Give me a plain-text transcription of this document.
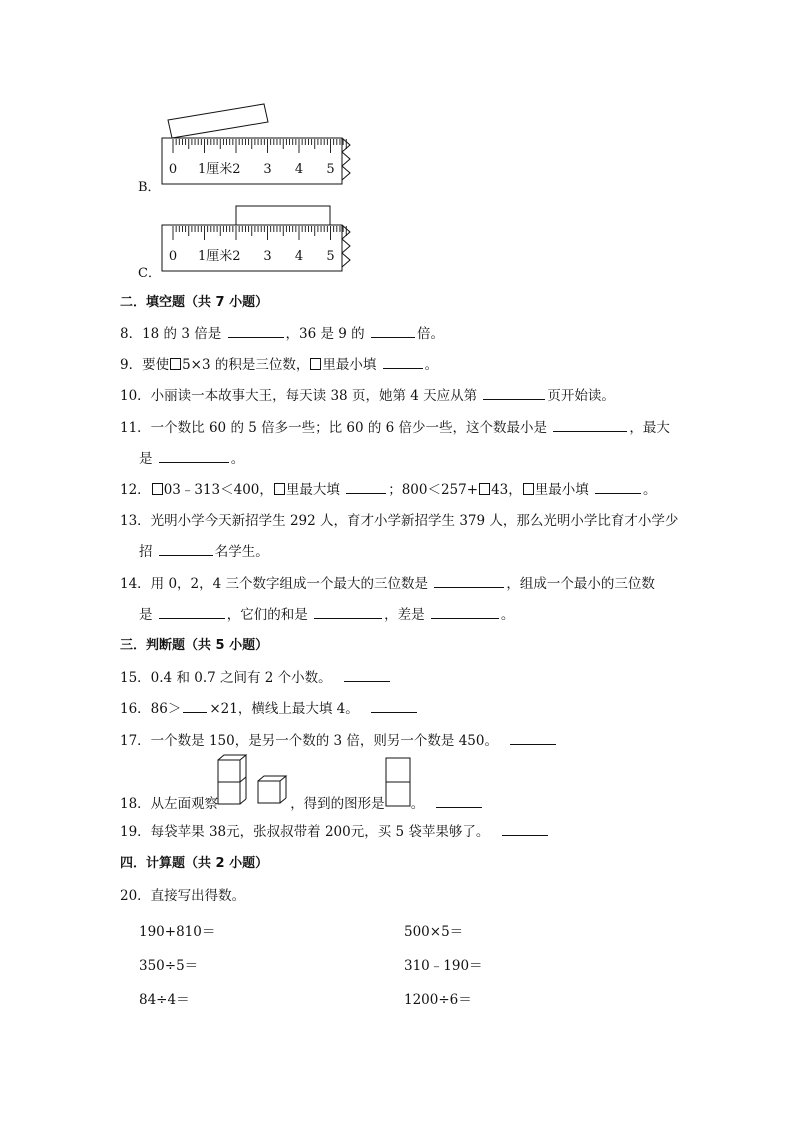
B．
0 1厘米2 3 4 5
C．
0 1厘米2 3 4 5
二．填空题（共 7 小题）
8．18 的 3 倍是	，36 是 9 的	倍。
9．要使 5×3 的积是三位数， 里最小填	。
10．小丽读一本故事大王，每天读 38 页，她第 4 天应从第	页开始读。
11．一个数比 60 的 5 倍多一些；比 60 的 6 倍少一些，这个数最小是	，最大
是	。
12． 03﹣313＜400， 里最大填	；800＜257+ 43， 里最小填	。
13．光明小学今天新招学生 292 人，育才小学新招学生 379 人，那么光明小学比育才小学少
招	名学生。
14．用 0，2，4 三个数字组成一个最大的三位数是	，组成一个最小的三位数
是	，它们的和是	，差是	。
三．判断题（共 5 小题）
15．0.4 和 0.7 之间有 2 个小数。
16．86＞ ×21，横线上最大填 4。
17．一个数是 150，是另一个数的 3 倍，则另一个数是 450。
18．从左面观察	，得到的图形是 。
19．每袋苹果 38元，张叔叔带着 200元，买 5 袋苹果够了。
四．计算题（共 2 小题）
20．直接写出得数。
190+810＝	500×5＝
350÷5＝	310﹣190＝
84÷4＝	1200÷6＝
